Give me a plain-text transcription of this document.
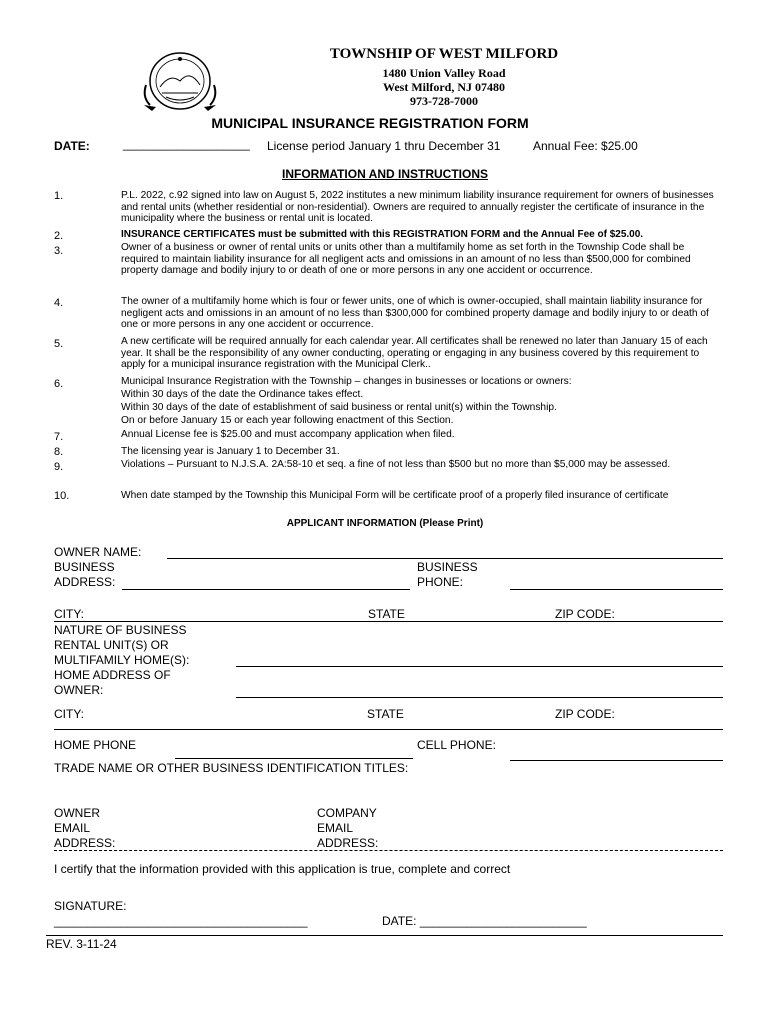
TOWNSHIP OF WEST MILFORD
1480 Union Valley Road
West Milford, NJ 07480
973-728-7000
MUNICIPAL INSURANCE REGISTRATION FORM
DATE:	___________________ License period January 1 thru December 31	Annual Fee: $25.00
INFORMATION AND INSTRUCTIONS
1.	P.L. 2022, c.92 signed into law on August 5, 2022 institutes a new minimum liability insurance requirement for owners of businesses and rental units (whether residential or non-residential). Owners are required to annually register the certificate of insurance in the municipality where the business or rental unit is located.
2.	INSURANCE CERTIFICATES must be submitted with this REGISTRATION FORM and the Annual Fee of $25.00.
3.	Owner of a business or owner of rental units or units other than a multifamily home as set forth in the Township Code shall be required to maintain liability insurance for all negligent acts and omissions in an amount of no less than $500,000 for combined property damage and bodily injury to or death of one or more persons in any one accident or occurrence.
4.	The owner of a multifamily home which is four or fewer units, one of which is owner-occupied, shall maintain liability insurance for negligent acts and omissions in an amount of no less than $300,000 for combined property damage and bodily injury to or death of one or more persons in any one accident or occurrence.
5.	A new certificate will be required annually for each calendar year. All certificates shall be renewed no later than January 15 of each year. It shall be the responsibility of any owner conducting, operating or engaging in any business covered by this requirement to apply for a municipal insurance registration with the Municipal Clerk..
6.	Municipal Insurance Registration with the Township – changes in businesses or locations or owners:
Within 30 days of the date the Ordinance takes effect.
Within 30 days of the date of establishment of said business or rental unit(s) within the Township.
On or before January 15 or each year following enactment of this Section.
7.	Annual License fee is $25.00 and must accompany application when filed.
8.	The licensing year is January 1 to December 31.
9.	Violations – Pursuant to N.J.S.A. 2A:58-10 et seq. a fine of not less than $500 but no more than $5,000 may be assessed.
10.	When date stamped by the Township this Municipal Form will be certificate proof of a properly filed insurance of certificate
APPLICANT INFORMATION (Please Print)
OWNER NAME:
BUSINESS
ADDRESS:
BUSINESS
PHONE:
CITY:	STATE	ZIP CODE:
NATURE OF BUSINESS
RENTAL UNIT(S) OR
MULTIFAMILY HOME(S):
HOME ADDRESS OF
OWNER:
CITY:	STATE	ZIP CODE:
HOME PHONE	CELL PHONE:
TRADE NAME OR OTHER BUSINESS IDENTIFICATION TITLES:
OWNER
EMAIL
ADDRESS:
COMPANY
EMAIL
ADDRESS:
I certify that the information provided with this application is true, complete and correct
SIGNATURE:
______________________________________	DATE: _________________________
REV. 3-11-24
